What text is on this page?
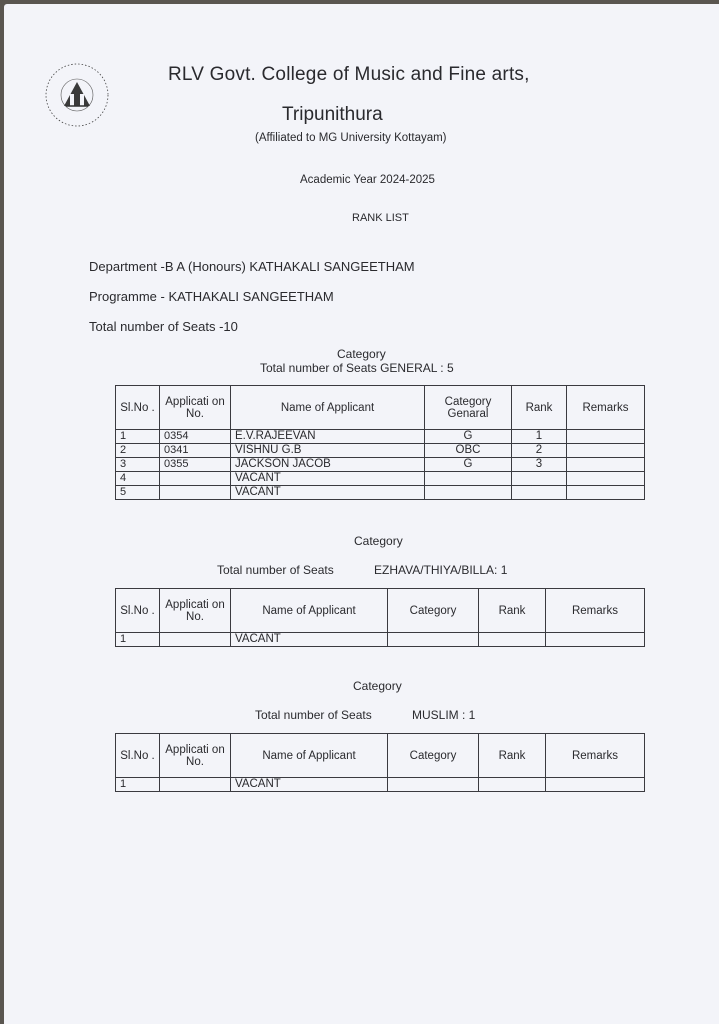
RLV Govt. College of Music and Fine arts,
Tripunithura
(Affiliated to MG University Kottayam)
Academic Year 2024-2025
RANK LIST
Department -B A (Honours) KATHAKALI SANGEETHAM
Programme - KATHAKALI SANGEETHAM
Total number of Seats -10
Category
Total number of Seats GENERAL : 5
Sl.No .	Applicati on No.	Name of Applicant	Category Genaral	Rank	Remarks
1	0354	E.V.RAJEEVAN	G	1	
2	0341	VISHNU G.B	OBC	2	
3	0355	JACKSON JACOB	G	3	
4		VACANT			
5		VACANT			
Category
Total number of Seats	EZHAVA/THIYA/BILLA: 1
Sl.No .	Applicati on No.	Name of Applicant	Category	Rank	Remarks
1		VACANT			
Category
Total number of Seats	MUSLIM : 1
Sl.No .	Applicati on No.	Name of Applicant	Category	Rank	Remarks
1		VACANT			
